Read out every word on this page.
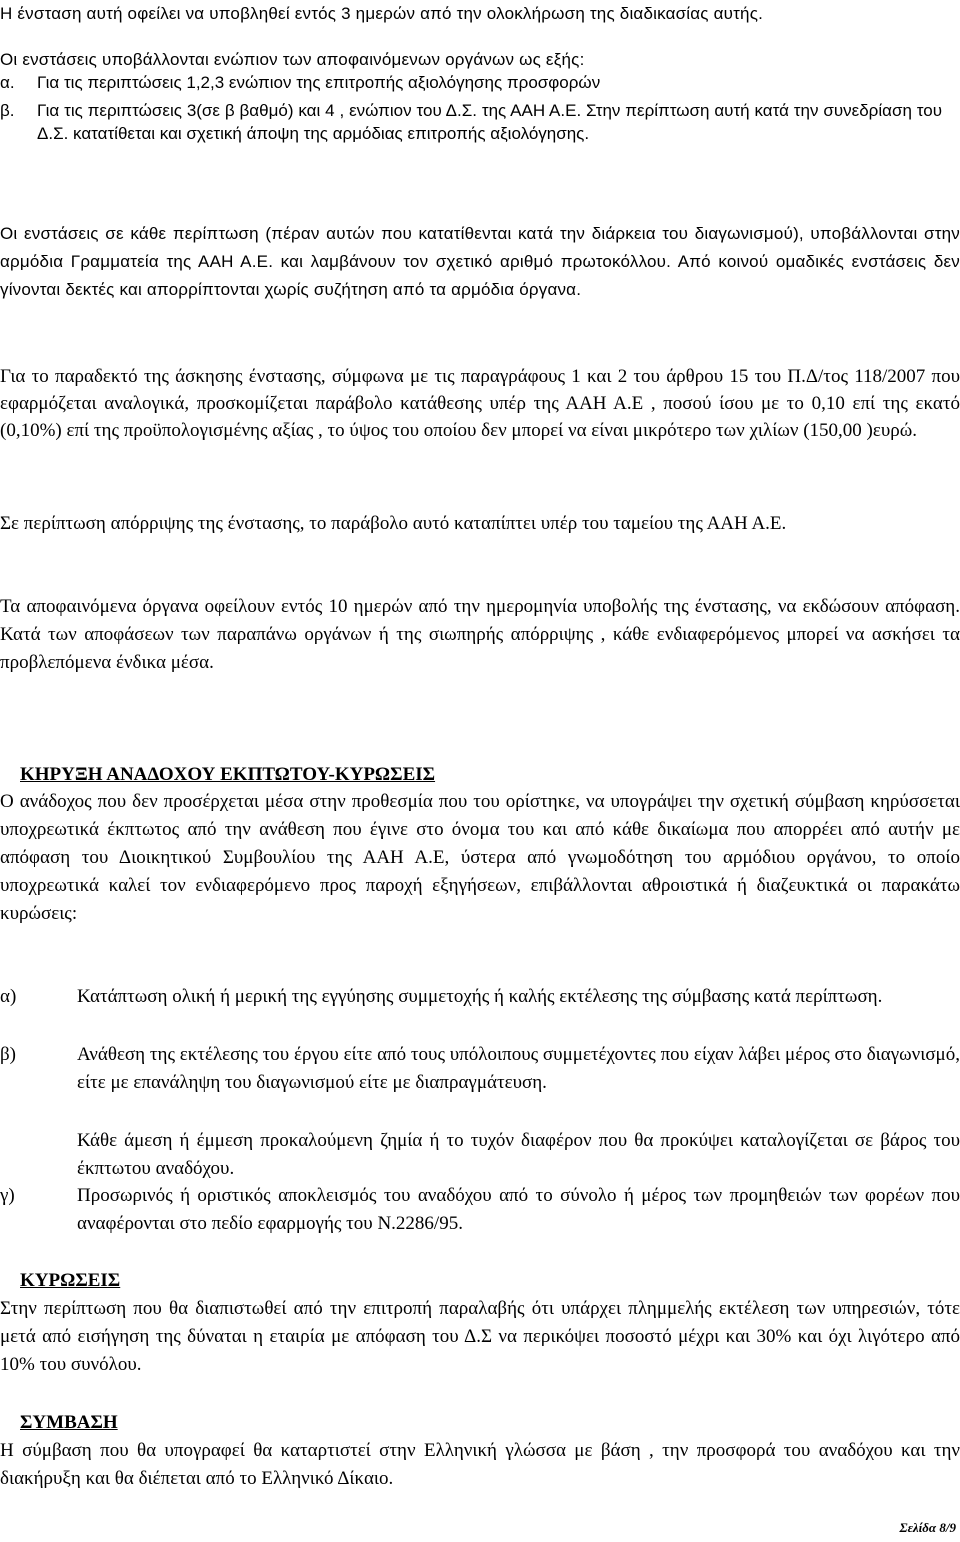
Η ένσταση αυτή οφείλει να υποβληθεί εντός 3 ημερών από την ολοκλήρωση της διαδικασίας αυτής.

Οι ενστάσεις υποβάλλονται ενώπιον των αποφαινόμενων οργάνων ως εξής:

α. Για τις περιπτώσεις 1,2,3 ενώπιον της επιτροπής αξιολόγησης προσφορών

β. Για τις περιπτώσεις 3(σε β βαθμό) και 4 , ενώπιον του Δ.Σ. της ΑΑΗ Α.Ε. Στην περίπτωση αυτή κατά την συνεδρίαση του Δ.Σ. κατατίθεται και σχετική άποψη της αρμόδιας επιτροπής αξιολόγησης.

Οι ενστάσεις σε κάθε περίπτωση (πέραν αυτών που κατατίθενται κατά την διάρκεια του διαγωνισμού), υποβάλλονται στην αρμόδια Γραμματεία της ΑΑΗ Α.Ε. και λαμβάνουν τον σχετικό αριθμό πρωτοκόλλου. Από κοινού ομαδικές ενστάσεις δεν γίνονται δεκτές και απορρίπτονται χωρίς συζήτηση από τα αρμόδια όργανα.

Για το παραδεκτό της άσκησης ένστασης, σύμφωνα με τις παραγράφους 1 και 2 του άρθρου 15 του Π.Δ/τος 118/2007 που εφαρμόζεται αναλογικά, προσκομίζεται παράβολο κατάθεσης υπέρ της ΑΑΗ Α.Ε , ποσού ίσου με το 0,10 επί της εκατό (0,10%) επί της προϋπολογισμένης αξίας , το ύψος του οποίου δεν μπορεί να είναι μικρότερο των χιλίων (150,00 )ευρώ.

Σε περίπτωση απόρριψης της ένστασης, το παράβολο αυτό καταπίπτει υπέρ του ταμείου της ΑΑΗ Α.Ε.

Τα αποφαινόμενα όργανα οφείλουν εντός 10 ημερών από την ημερομηνία υποβολής της ένστασης, να εκδώσουν απόφαση. Κατά των αποφάσεων των παραπάνω οργάνων ή της σιωπηρής απόρριψης , κάθε ενδιαφερόμενος μπορεί να ασκήσει τα προβλεπόμενα ένδικα μέσα.

ΚΗΡΥΞΗ ΑΝΑΔΟΧΟΥ ΕΚΠΤΩΤΟΥ-ΚΥΡΩΣΕΙΣ

Ο ανάδοχος που δεν προσέρχεται μέσα στην προθεσμία που του ορίστηκε, να υπογράψει την σχετική σύμβαση κηρύσσεται υποχρεωτικά έκπτωτος από την ανάθεση που έγινε στο όνομα του και από κάθε δικαίωμα που απορρέει από αυτήν με απόφαση του Διοικητικού Συμβουλίου της ΑΑΗ Α.Ε, ύστερα από γνωμοδότηση του αρμόδιου οργάνου, το οποίο υποχρεωτικά καλεί τον ενδιαφερόμενο προς παροχή εξηγήσεων, επιβάλλονται αθροιστικά ή διαζευκτικά οι παρακάτω κυρώσεις:

α)	Κατάπτωση ολική ή μερική της εγγύησης συμμετοχής ή καλής εκτέλεσης της σύμβασης κατά περίπτωση.

β)	Ανάθεση της εκτέλεσης του έργου είτε από τους υπόλοιπους συμμετέχοντες που είχαν λάβει μέρος στο διαγωνισμό, είτε με επανάληψη του διαγωνισμού είτε με διαπραγμάτευση.

Κάθε άμεση ή έμμεση προκαλούμενη ζημία ή το τυχόν διαφέρον που θα προκύψει καταλογίζεται σε βάρος του έκπτωτου αναδόχου.

γ)	Προσωρινός ή οριστικός αποκλεισμός του αναδόχου από το σύνολο ή μέρος των προμηθειών των φορέων που αναφέρονται στο πεδίο εφαρμογής του Ν.2286/95.

ΚΥΡΩΣΕΙΣ

Στην περίπτωση που θα διαπιστωθεί από την επιτροπή παραλαβής ότι υπάρχει πλημμελής εκτέλεση των υπηρεσιών, τότε μετά από εισήγηση της δύναται η εταιρία με απόφαση του Δ.Σ να περικόψει ποσοστό μέχρι και 30% και όχι λιγότερο από 10% του συνόλου.

ΣΥΜΒΑΣΗ

Η σύμβαση που θα υπογραφεί θα καταρτιστεί στην Ελληνική γλώσσα με βάση , την προσφορά του αναδόχου και την διακήρυξη και θα διέπεται από το Ελληνικό Δίκαιο.

Σελίδα 8/9
